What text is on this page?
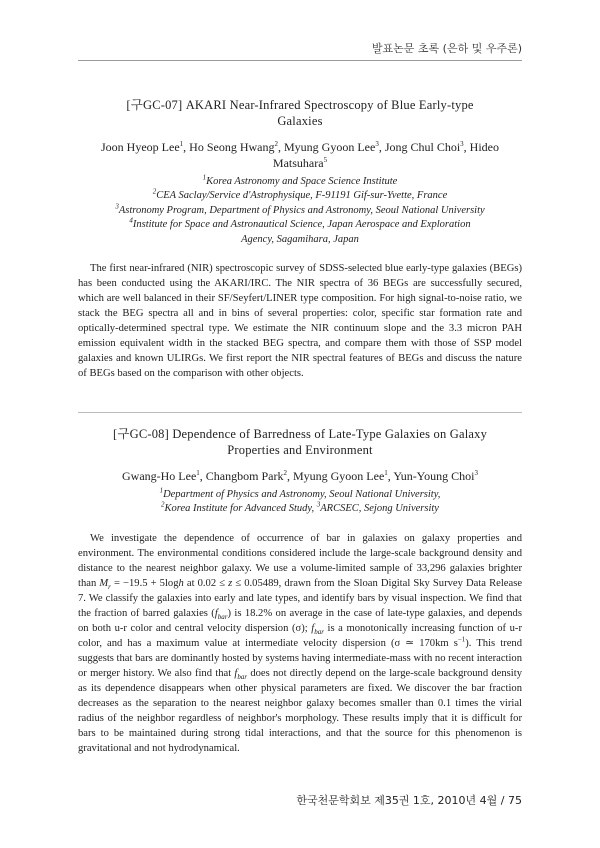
발표논문 초록 (은하 및 우주론)
[구GC-07] AKARI Near-Infrared Spectroscopy of Blue Early-type
Galaxies
Joon Hyeop Lee$^1$, Ho Seong Hwang$^2$, Myung Gyoon Lee$^3$, Jong Chul Choi$^3$, Hideo
Matsuhara$^5$
$^1$Korea Astronomy and Space Science Institute
$^2$CEA Saclay/Service d'Astrophysique, F-91191 Gif-sur-Yvette, France
$^3$Astronomy Program, Department of Physics and Astronomy, Seoul National University
$^4$Institute for Space and Astronautical Science, Japan Aerospace and Exploration
Agency, Sagamihara, Japan

The first near-infrared (NIR) spectroscopic survey of SDSS-selected blue early-type galaxies (BEGs) has been conducted using the AKARI/IRC. The NIR spectra of 36 BEGs are successfully secured, which are well balanced in their SF/Seyfert/LINER type composition. For high signal-to-noise ratio, we stack the BEG spectra all and in bins of several properties: color, specific star formation rate and optically-determined spectral type. We estimate the NIR continuum slope and the 3.3 micron PAH emission equivalent width in the stacked BEG spectra, and compare them with those of SSP model galaxies and known ULIRGs. We first report the NIR spectral features of BEGs and discuss the nature of BEGs based on the comparison with other objects.

[구GC-08] Dependence of Barredness of Late-Type Galaxies on Galaxy
Properties and Environment
Gwang-Ho Lee$^1$, Changbom Park$^2$, Myung Gyoon Lee$^1$, Yun-Young Choi$^3$
$^1$Department of Physics and Astronomy, Seoul National University,
$^2$Korea Institute for Advanced Study, $^3$ARCSEC, Sejong University

We investigate the dependence of occurrence of bar in galaxies on galaxy properties and environment. The environmental conditions considered include the large-scale background density and distance to the nearest neighbor galaxy. We use a volume-limited sample of 33,296 galaxies brighter than $M_r = -19.5 + 5\log h$ at 0.02 ≤ z ≤ 0.05489, drawn from the Sloan Digital Sky Survey Data Release 7. We classify the galaxies into early and late types, and identify bars by visual inspection. We find that the fraction of barred galaxies $(f_{bar})$ is 18.2% on average in the case of late-type galaxies, and depends on both u-r color and central velocity dispersion (σ); $f_{bar}$ is a monotonically increasing function of u-r color, and has a maximum value at intermediate velocity dispersion (σ ≃ 170km $s^{-1}$). This trend suggests that bars are dominantly hosted by systems having intermediate-mass with no recent interaction or merger history. We also find that $f_{bar}$ does not directly depend on the large-scale background density as its dependence disappears when other physical parameters are fixed. We discover the bar fraction decreases as the separation to the nearest neighbor galaxy becomes smaller than 0.1 times the virial radius of the neighbor regardless of neighbor's morphology. These results imply that it is difficult for bars to be maintained during strong tidal interactions, and that the source for this phenomenon is gravitational and not hydrodynamical.

한국천문학회보 제35권 1호, 2010년 4월 / 75
